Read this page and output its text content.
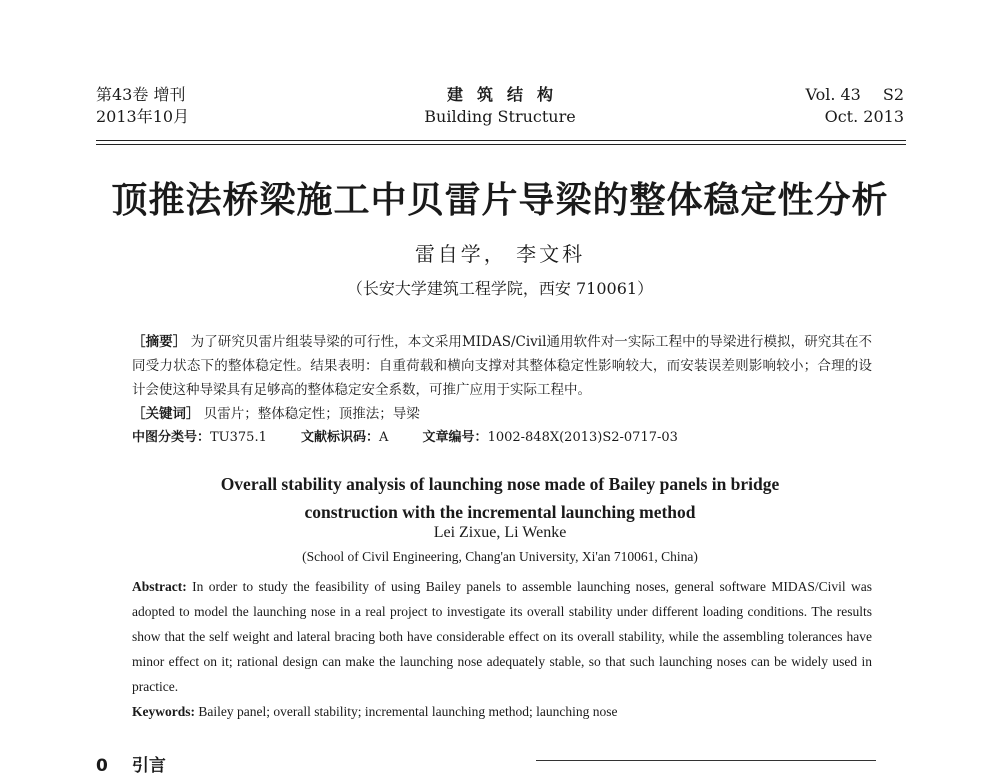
第43卷 增刊
2013年10月
建筑结构
Building Structure
Vol. 43 S2
Oct. 2013
顶推法桥梁施工中贝雷片导梁的整体稳定性分析
雷自学， 李文科
（长安大学建筑工程学院，西安 710061）
［摘要］ 为了研究贝雷片组装导梁的可行性，本文采用MIDAS/Civil通用软件对一实际工程中的导梁进行模拟，研究其在不同受力状态下的整体稳定性。结果表明：自重荷载和横向支撑对其整体稳定性影响较大，而安装误差则影响较小；合理的设计会使这种导梁具有足够高的整体稳定安全系数，可推广应用于实际工程中。
［关键词］ 贝雷片；整体稳定性；顶推法；导梁
中图分类号：TU375.1	文献标识码：A	文章编号：1002-848X(2013)S2-0717-03
Overall stability analysis of launching nose made of Bailey panels in bridge
construction with the incremental launching method
Lei Zixue, Li Wenke
(School of Civil Engineering, Chang'an University, Xi'an 710061, China)
Abstract: In order to study the feasibility of using Bailey panels to assemble launching noses, general software MIDAS/Civil was adopted to model the launching nose in a real project to investigate its overall stability under different loading conditions. The results show that the self weight and lateral bracing both have considerable effect on its overall stability, while the assembling tolerances have minor effect on it; rational design can make the launching nose adequately stable, so that such launching noses can be widely used in practice.
Keywords: Bailey panel; overall stability; incremental launching method; launching nose
0 引言
